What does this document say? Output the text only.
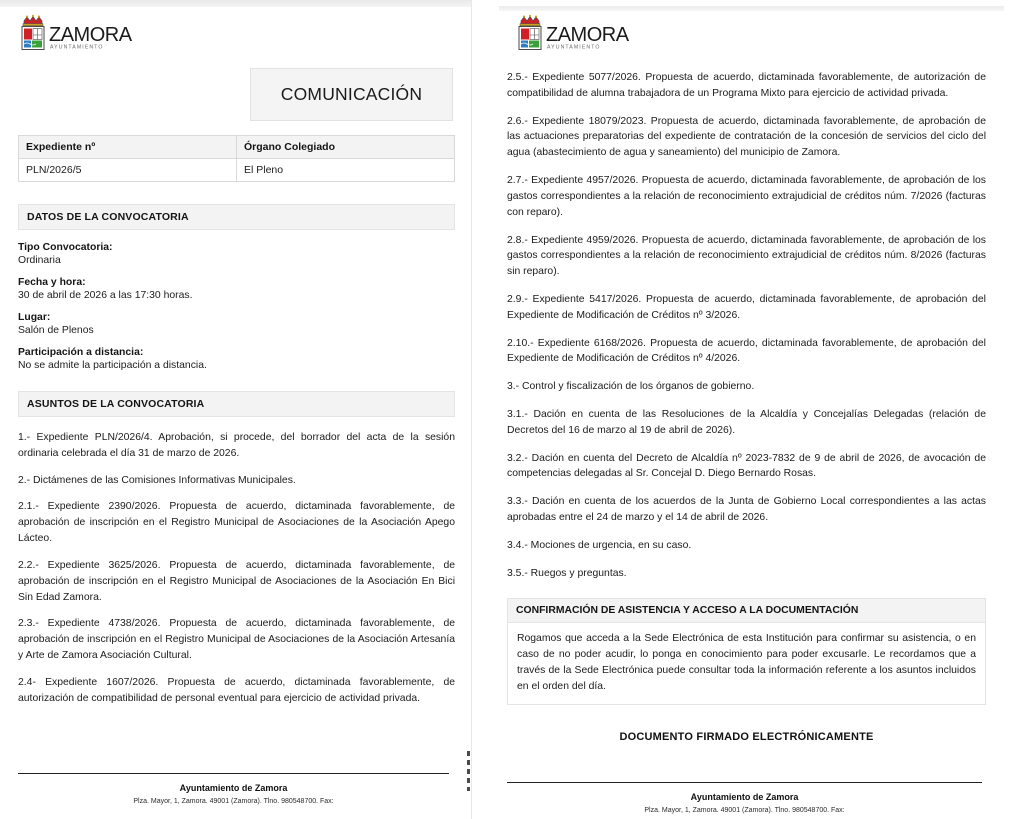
ZAMORA
AYUNTAMIENTO
COMUNICACIÓN
Expediente nº	Órgano Colegiado
PLN/2026/5	El Pleno
DATOS DE LA CONVOCATORIA
Tipo Convocatoria:
Ordinaria
Fecha y hora:
30 de abril de 2026 a las 17:30 horas.
Lugar:
Salón de Plenos
Participación a distancia:
No se admite la participación a distancia.
ASUNTOS DE LA CONVOCATORIA

1.- Expediente PLN/2026/4. Aprobación, si procede, del borrador del acta de la sesión ordinaria celebrada el día 31 de marzo de 2026.

2.- Dictámenes de las Comisiones Informativas Municipales.

2.1.- Expediente 2390/2026. Propuesta de acuerdo, dictaminada favorablemente, de aprobación de inscripción en el Registro Municipal de Asociaciones de la Asociación Apego Lácteo.

2.2.- Expediente 3625/2026. Propuesta de acuerdo, dictaminada favorablemente, de aprobación de inscripción en el Registro Municipal de Asociaciones de la Asociación En Bici Sin Edad Zamora.

2.3.- Expediente 4738/2026. Propuesta de acuerdo, dictaminada favorablemente, de aprobación de inscripción en el Registro Municipal de Asociaciones de la Asociación Artesanía y Arte de Zamora Asociación Cultural.

2.4- Expediente 1607/2026. Propuesta de acuerdo, dictaminada favorablemente, de autorización de compatibilidad de personal eventual para ejercicio de actividad privada.

Ayuntamiento de Zamora
Plza. Mayor, 1, Zamora. 49001 (Zamora). Tlno. 980548700. Fax:
ZAMORA
AYUNTAMIENTO

2.5.- Expediente 5077/2026. Propuesta de acuerdo, dictaminada favorablemente, de autorización de compatibilidad de alumna trabajadora de un Programa Mixto para ejercicio de actividad privada.

2.6.- Expediente 18079/2023. Propuesta de acuerdo, dictaminada favorablemente, de aprobación de las actuaciones preparatorias del expediente de contratación de la concesión de servicios del ciclo del agua (abastecimiento de agua y saneamiento) del municipio de Zamora.

2.7.- Expediente 4957/2026. Propuesta de acuerdo, dictaminada favorablemente, de aprobación de los gastos correspondientes a la relación de reconocimiento extrajudicial de créditos núm. 7/2026 (facturas con reparo).

2.8.- Expediente 4959/2026. Propuesta de acuerdo, dictaminada favorablemente, de aprobación de los gastos correspondientes a la relación de reconocimiento extrajudicial de créditos núm. 8/2026 (facturas sin reparo).

2.9.- Expediente 5417/2026. Propuesta de acuerdo, dictaminada favorablemente, de aprobación del Expediente de Modificación de Créditos nº 3/2026.

2.10.- Expediente 6168/2026. Propuesta de acuerdo, dictaminada favorablemente, de aprobación del Expediente de Modificación de Créditos nº 4/2026.

3.- Control y fiscalización de los órganos de gobierno.

3.1.- Dación en cuenta de las Resoluciones de la Alcaldía y Concejalías Delegadas (relación de Decretos del 16 de marzo al 19 de abril de 2026).

3.2.- Dación en cuenta del Decreto de Alcaldía nº 2023-7832 de 9 de abril de 2026, de avocación de competencias delegadas al Sr. Concejal D. Diego Bernardo Rosas.

3.3.- Dación en cuenta de los acuerdos de la Junta de Gobierno Local correspondientes a las actas aprobadas entre el 24 de marzo y el 14 de abril de 2026.

3.4.- Mociones de urgencia, en su caso.

3.5.- Ruegos y preguntas.

CONFIRMACIÓN DE ASISTENCIA Y ACCESO A LA DOCUMENTACIÓN
Rogamos que acceda a la Sede Electrónica de esta Institución para confirmar su asistencia, o en caso de no poder acudir, lo ponga en conocimiento para poder excusarle. Le recordamos que a través de la Sede Electrónica puede consultar toda la información referente a los asuntos incluidos en el orden del día.
DOCUMENTO FIRMADO ELECTRÓNICAMENTE
Ayuntamiento de Zamora
Plza. Mayor, 1, Zamora. 49001 (Zamora). Tlno. 980548700. Fax:
